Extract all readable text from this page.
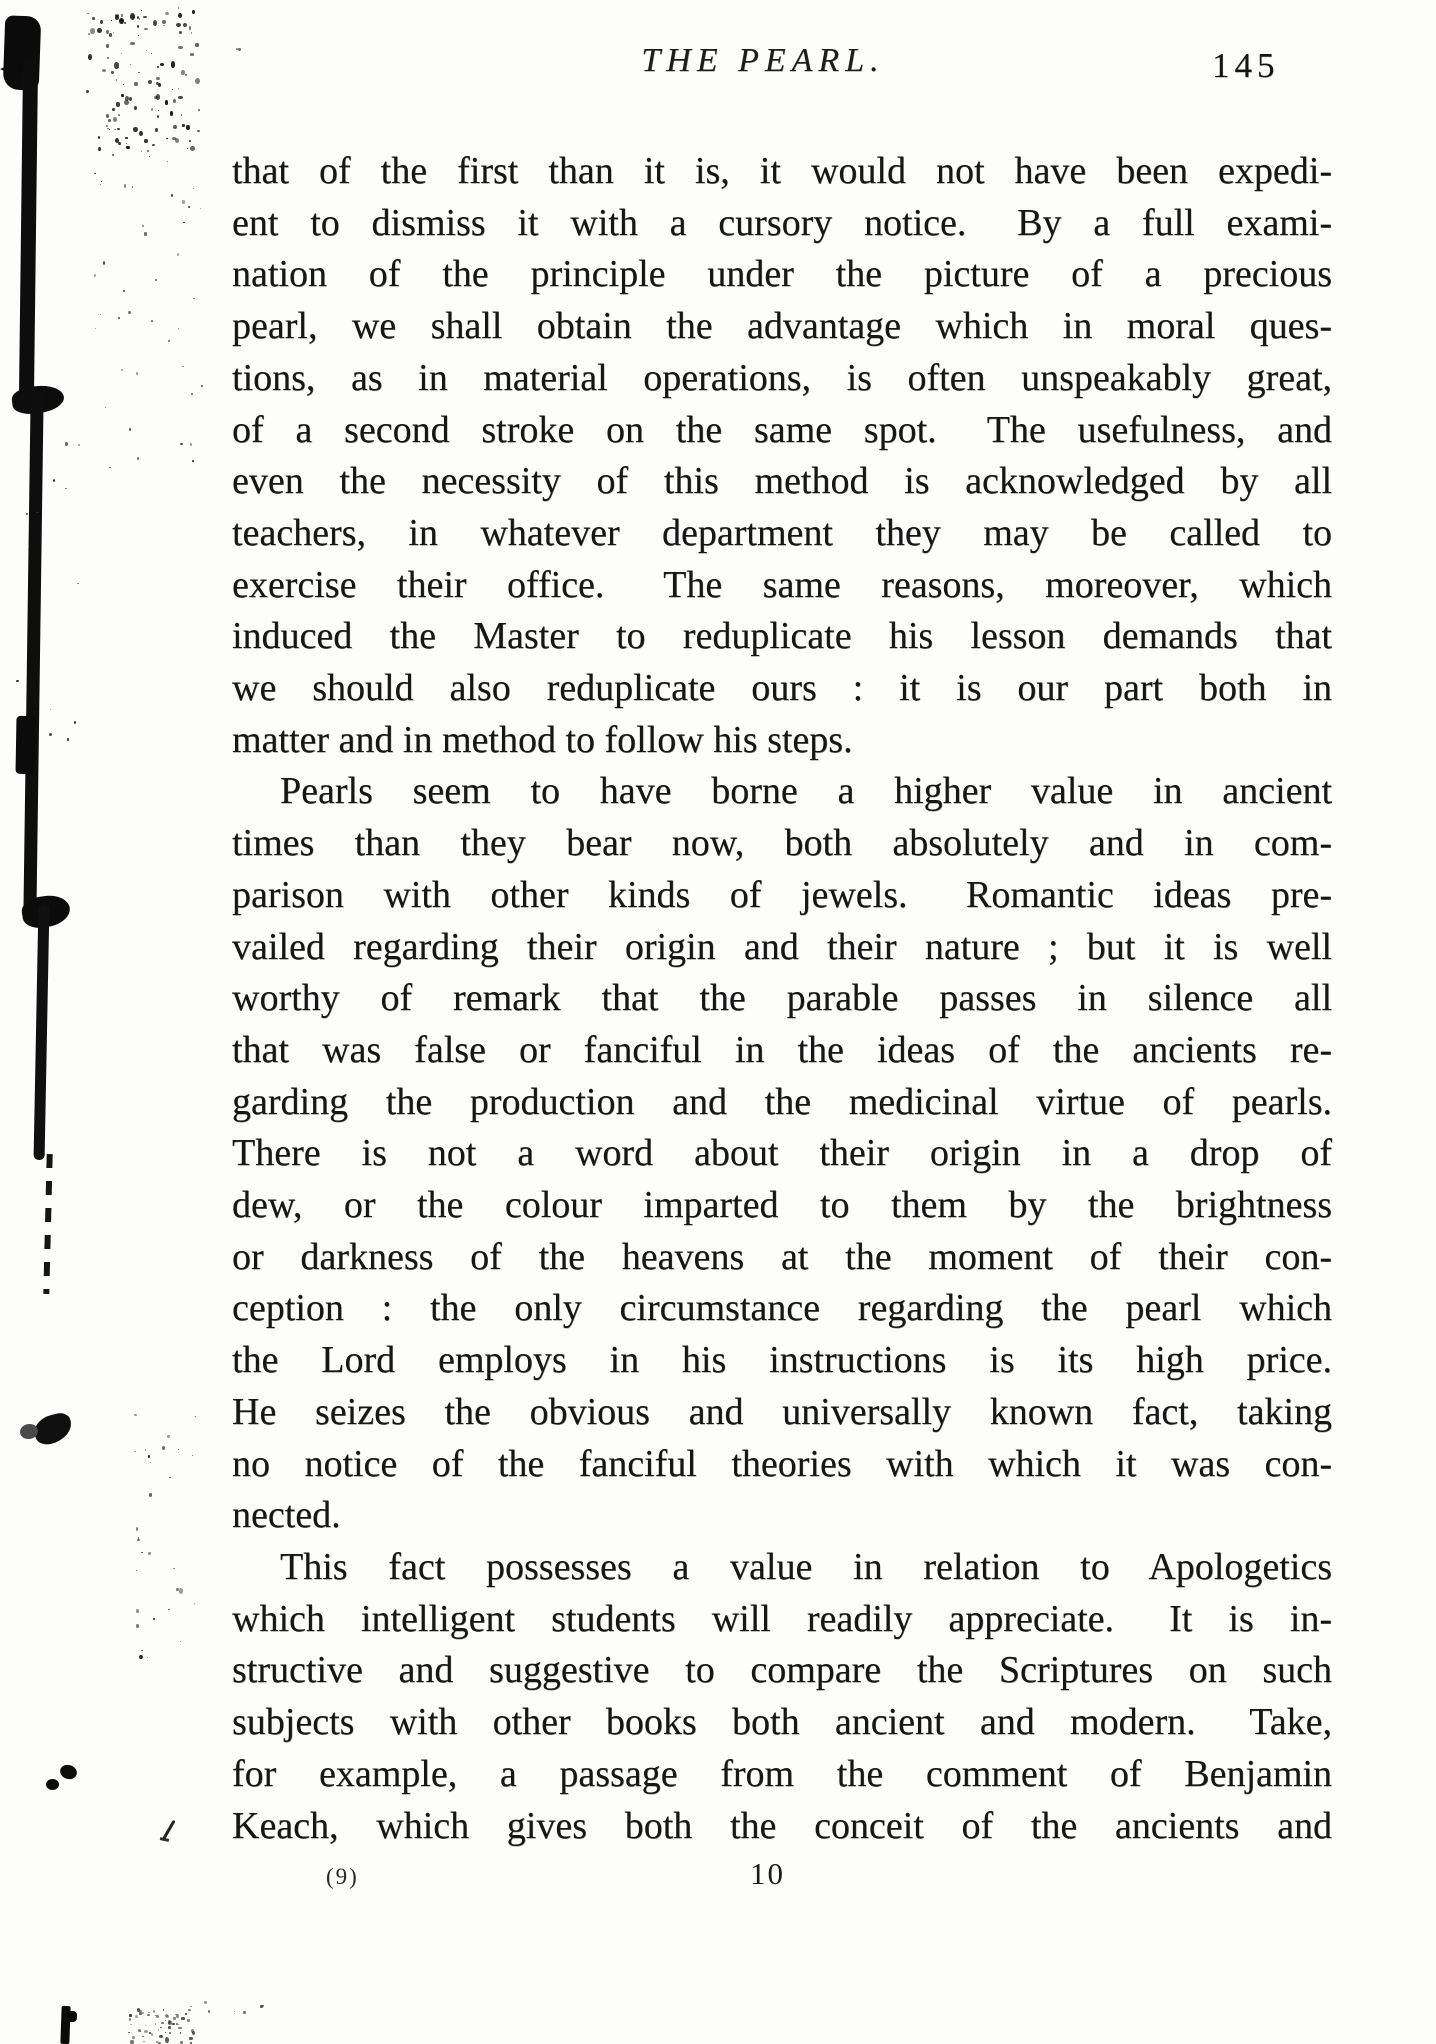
THE PEARL.	145
that of the first than it is, it would not have been expedi-
ent to dismiss it with a cursory notice.  By a full exami-
nation of the principle under the picture of a precious
pearl, we shall obtain the advantage which in moral ques-
tions, as in material operations, is often unspeakably great,
of a second stroke on the same spot.  The usefulness, and
even the necessity of this method is acknowledged by all
teachers, in whatever department they may be called to
exercise their office.  The same reasons, moreover, which
induced the Master to reduplicate his lesson demands that
we should also reduplicate ours : it is our part both in
matter and in method to follow his steps.
Pearls seem to have borne a higher value in ancient
times than they bear now, both absolutely and in com-
parison with other kinds of jewels.  Romantic ideas pre-
vailed regarding their origin and their nature ; but it is well
worthy of remark that the parable passes in silence all
that was false or fanciful in the ideas of the ancients re-
garding the production and the medicinal virtue of pearls.
There is not a word about their origin in a drop of
dew, or the colour imparted to them by the brightness
or darkness of the heavens at the moment of their con-
ception : the only circumstance regarding the pearl which
the Lord employs in his instructions is its high price.
He seizes the obvious and universally known fact, taking
no notice of the fanciful theories with which it was con-
nected.
This fact possesses a value in relation to Apologetics
which intelligent students will readily appreciate.  It is in-
structive and suggestive to compare the Scriptures on such
subjects with other books both ancient and modern.  Take,
for example, a passage from the comment of Benjamin
Keach, which gives both the conceit of the ancients and
(9)	10
